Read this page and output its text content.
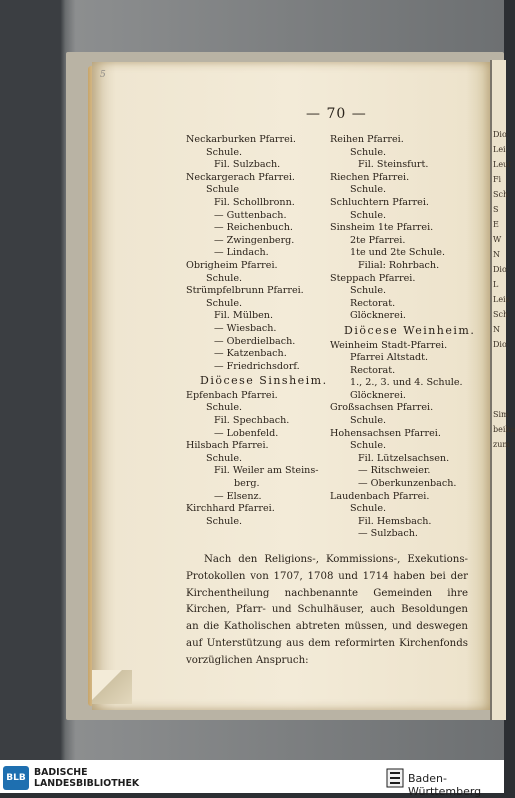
5
Dio
Lei
Leut
Fi
Sch
S
E
W
N
Dio
L
Leis
Sch
N
Dio
Sim
beibe
zum
— 70 —
Neckarburken Pfarrei.
Schule.
Fil. Sulzbach.
Neckargerach Pfarrei.
Schule
Fil. Schollbronn.
— Guttenbach.
— Reichenbuch.
— Zwingenberg.
— Lindach.
Obrigheim Pfarrei.
Schule.
Strümpfelbrunn Pfarrei.
Schule.
Fil. Mülben.
— Wiesbach.
— Oberdielbach.
— Katzenbach.
— Friedrichsdorf.
Diöcese Sinsheim.
Epfenbach Pfarrei.
Schule.
Fil. Spechbach.
— Lobenfeld.
Hilsbach Pfarrei.
Schule.
Fil. Weiler am Steins-
berg.
— Elsenz.
Kirchhard Pfarrei.
Schule.
Reihen Pfarrei.
Schule.
Fil. Steinsfurt.
Riechen Pfarrei.
Schule.
Schluchtern Pfarrei.
Schule.
Sinsheim 1te Pfarrei.
2te Pfarrei.
1te und 2te Schule.
Filial: Rohrbach.
Steppach Pfarrei.
Schule.
Rectorat.
Glöcknerei.
Diöcese Weinheim.
Weinheim Stadt-Pfarrei.
Pfarrei Altstadt.
Rectorat.
1., 2., 3. und 4. Schule.
Glöcknerei.
Großsachsen Pfarrei.
Schule.
Hohensachsen Pfarrei.
Schule.
Fil. Lützelsachsen.
— Ritschweier.
— Oberkunzenbach.
Laudenbach Pfarrei.
Schule.
Fil. Hemsbach.
— Sulzbach.
Nach den Religions-, Kommissions-, Exekutions-Protokollen von 1707, 1708 und 1714 haben bei der Kirchentheilung nachbenannte Gemeinden ihre Kirchen, Pfarr- und Schulhäuser, auch Besoldungen an die Katholischen abtreten müssen, und deswegen auf Unterstützung aus dem reformirten Kirchenfonds vorzüglichen Anspruch:
BLB BADISCHE
LANDESBIBLIOTHEK	Baden-Württemberg
